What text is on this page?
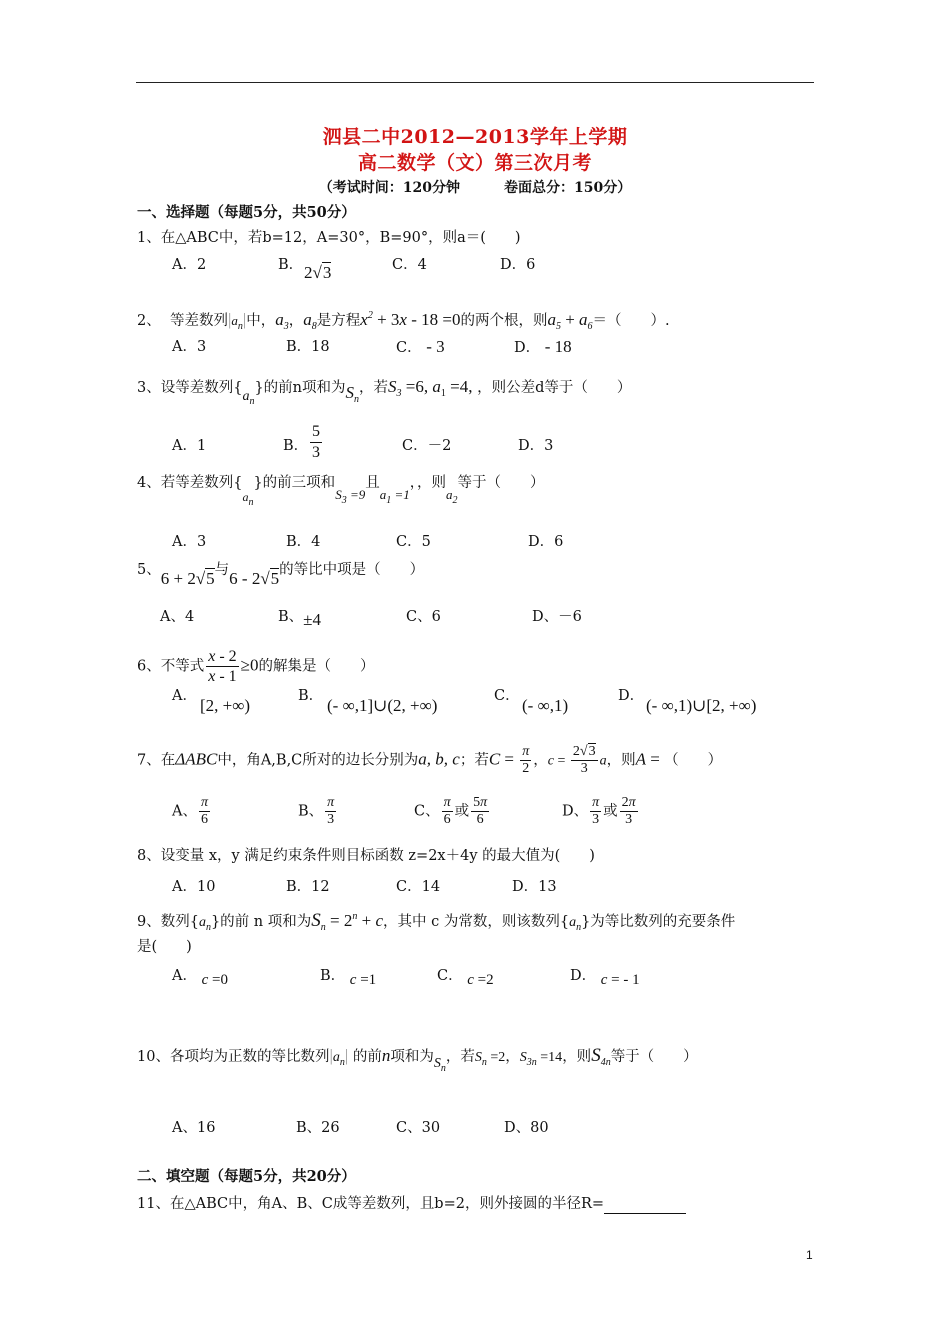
泗县二中2012—2013学年上学期
高二数学（文）第三次月考
（考试时间：120分钟	卷面总分：150分）
一、选择题（每题5分，共50分）
1、在△ABC中，若b=12，A=30°，B=90°，则a＝(　　)
A．2	B． 2√3	C．4	D．6
2、 等差数列$|a_n|$中，$a_3$，$a_8$是方程$x^2 + 3x - 18 =0$的两个根，则$a_5 + a_6=$（　　）.
A．3	B．18	C． - 3	D． - 18
3、设等差数列$\{a_n\}$的前n项和为$S_n$，若$S_3 =6$, $a_1 =4$, ，则公差d等于（　　）
A．1	B． $\frac{5}{3}$	C．－2	D．3
4、若等差数列$\{_{a_n}\}$的前三项和$S_3 =9$且$a_1 =1$，，则$a_2$等于（　　）
A．3	B．4	C．5	D．6
5、6 + 2√5与6 - 2√5的等比中项是（　　）
A、4	B、±4	C、6	D、－6
6、不等式 $\frac{x - 2}{x - 1} \ge 0$的解集是（　　）
A． [2, +∞)	B． (- ∞,1]∪(2, +∞)	C． (- ∞,1)	D． (- ∞,1)∪[2, +∞)
7、在ΔABC中，角A,B,C所对的边长分别为a, b, c；若$C = \frac{\pi}{2}$ ，$c = \frac{2√3}{3}$ a，则A = （　　）
A、 $\frac{\pi}{6}$	B、 $\frac{\pi}{3}$	C、 $\frac{\pi}{6}$ 或 $\frac{5\pi}{6}$	D、 $\frac{\pi}{3}$ 或 $\frac{2\pi}{3}$
8、设变量 x，y 满足约束条件则目标函数 z=2x＋4y 的最大值为(　　)
A．10	B．12	C．14	D．13
9、数列$\{a_n\}$的前 n 项和为$S_n = 2^n + c$，其中 c 为常数，则该数列$\{a_n\}$为等比数列的充要条件
是(　　)
A． c =0	B． c =1	C． c =2	D． c = - 1
10、各项均为正数的等比数列$|a_n|$ 的前n项和为$S_n$，若$S_n =2$，$S_{3n} =14$，则$S_{4n}$等于（　　）
A、16	B、26	C、30	D、80
二、填空题（每题5分，共20分）
11、在△ABC中，角A、B、C成等差数列，且b=2，则外接圆的半径R=
1
